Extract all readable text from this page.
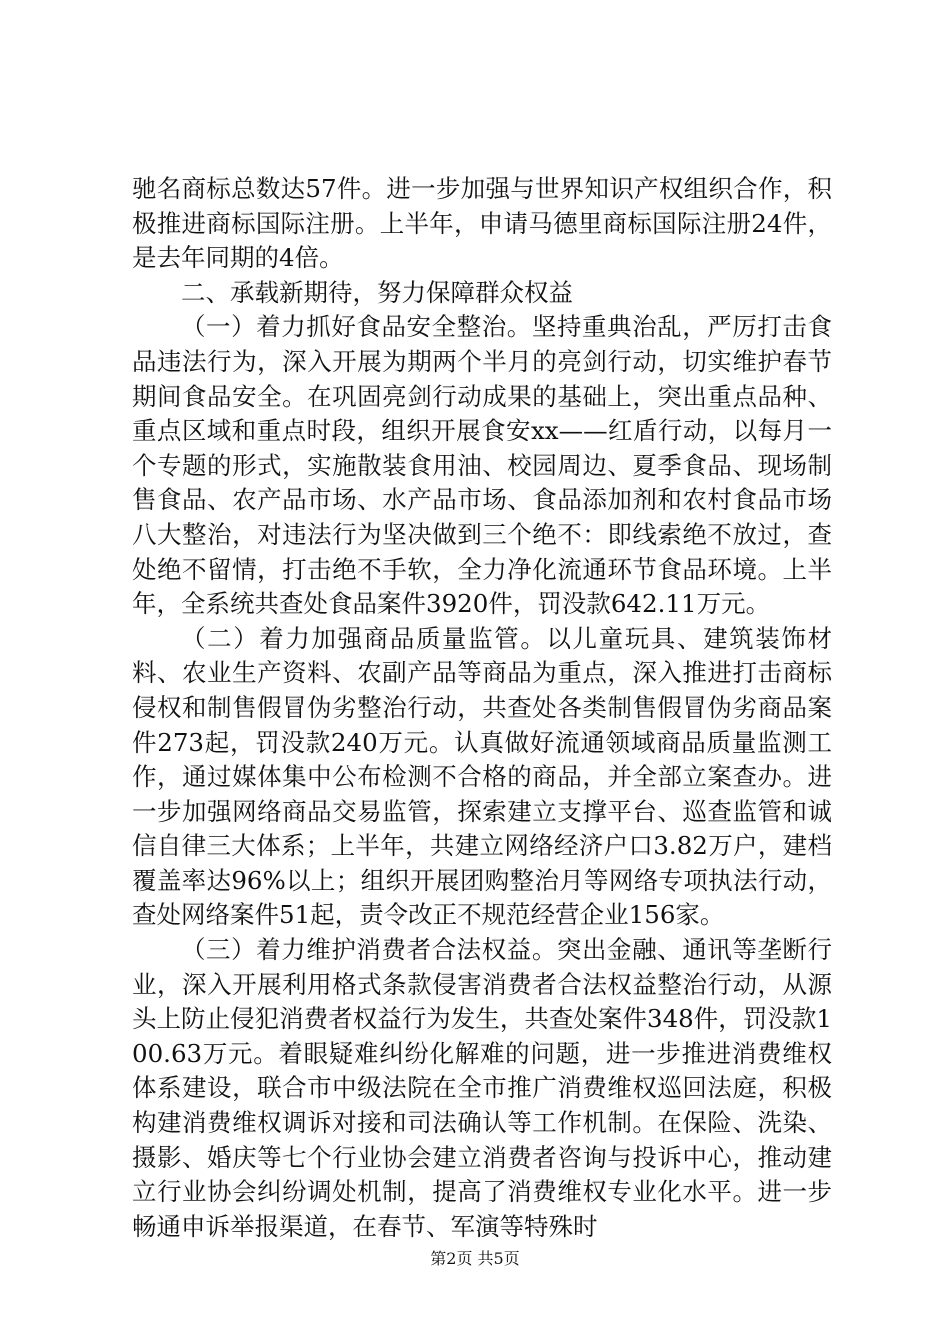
驰名商标总数达57件。进一步加强与世界知识产权组织合作，积极推进商标国际注册。上半年，申请马德里商标国际注册24件，是去年同期的4倍。

二、承载新期待，努力保障群众权益

（一）着力抓好食品安全整治。坚持重典治乱，严厉打击食品违法行为，深入开展为期两个半月的亮剑行动，切实维护春节期间食品安全。在巩固亮剑行动成果的基础上，突出重点品种、重点区域和重点时段，组织开展食安xx——红盾行动，以每月一个专题的形式，实施散装食用油、校园周边、夏季食品、现场制售食品、农产品市场、水产品市场、食品添加剂和农村食品市场八大整治，对违法行为坚决做到三个绝不：即线索绝不放过，查处绝不留情，打击绝不手软，全力净化流通环节食品环境。上半年，全系统共查处食品案件3920件，罚没款642.11万元。

（二）着力加强商品质量监管。以儿童玩具、建筑装饰材料、农业生产资料、农副产品等商品为重点，深入推进打击商标侵权和制售假冒伪劣整治行动，共查处各类制售假冒伪劣商品案件273起，罚没款240万元。认真做好流通领域商品质量监测工作，通过媒体集中公布检测不合格的商品，并全部立案查办。进一步加强网络商品交易监管，探索建立支撑平台、巡查监管和诚信自律三大体系；上半年，共建立网络经济户口3.82万户，建档覆盖率达96%以上；组织开展团购整治月等网络专项执法行动，查处网络案件51起，责令改正不规范经营企业156家。

（三）着力维护消费者合法权益。突出金融、通讯等垄断行业，深入开展利用格式条款侵害消费者合法权益整治行动，从源头上防止侵犯消费者权益行为发生，共查处案件348件，罚没款100.63万元。着眼疑难纠纷化解难的问题，进一步推进消费维权体系建设，联合市中级法院在全市推广消费维权巡回法庭，积极构建消费维权调诉对接和司法确认等工作机制。在保险、洗染、摄影、婚庆等七个行业协会建立消费者咨询与投诉中心，推动建立行业协会纠纷调处机制，提高了消费维权专业化水平。进一步畅通申诉举报渠道，在春节、军演等特殊时

第2页 共5页
